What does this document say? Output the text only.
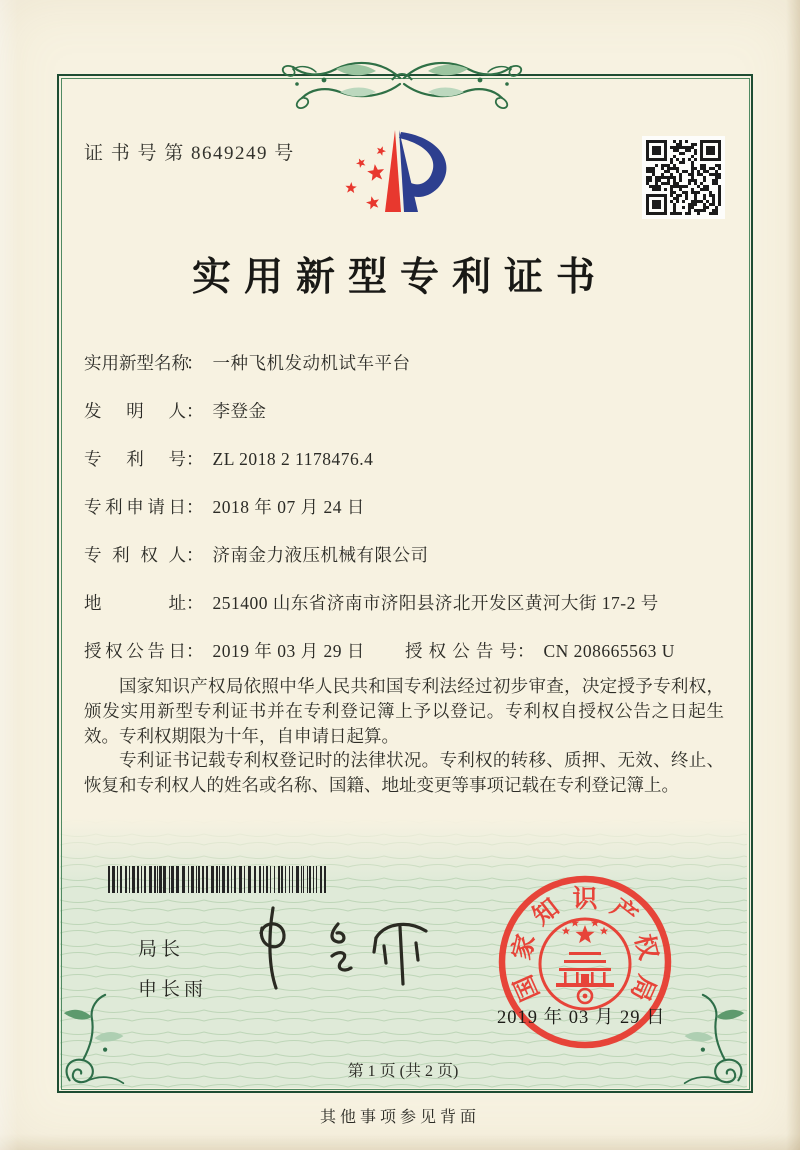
证 书 号 第 8649249 号
实用新型专利证书
实用新型名称： 一种飞机发动机试车平台
发明人： 李登金
专利号： ZL 2018 2 1178476.4
专利申请日： 2018 年 07 月 24 日
专利权人： 济南金力液压机械有限公司
地址： 251400 山东省济南市济阳县济北开发区黄河大街 17-2 号
授权公告日： 2019 年 03 月 29 日 授权公告号： CN 208665563 U

国家知识产权局依照中华人民共和国专利法经过初步审查，决定授予专利权，颁发实用新型专利证书并在专利登记簿上予以登记。专利权自授权公告之日起生效。专利权期限为十年，自申请日起算。

专利证书记载专利权登记时的法律状况。专利权的转移、质押、无效、终止、恢复和专利权人的姓名或名称、国籍、地址变更等事项记载在专利登记簿上。

局长
申长雨	国
家
知 识 产
权
局
2019 年 03 月 29 日
第 1 页 (共 2 页)
其他事项参见背面
